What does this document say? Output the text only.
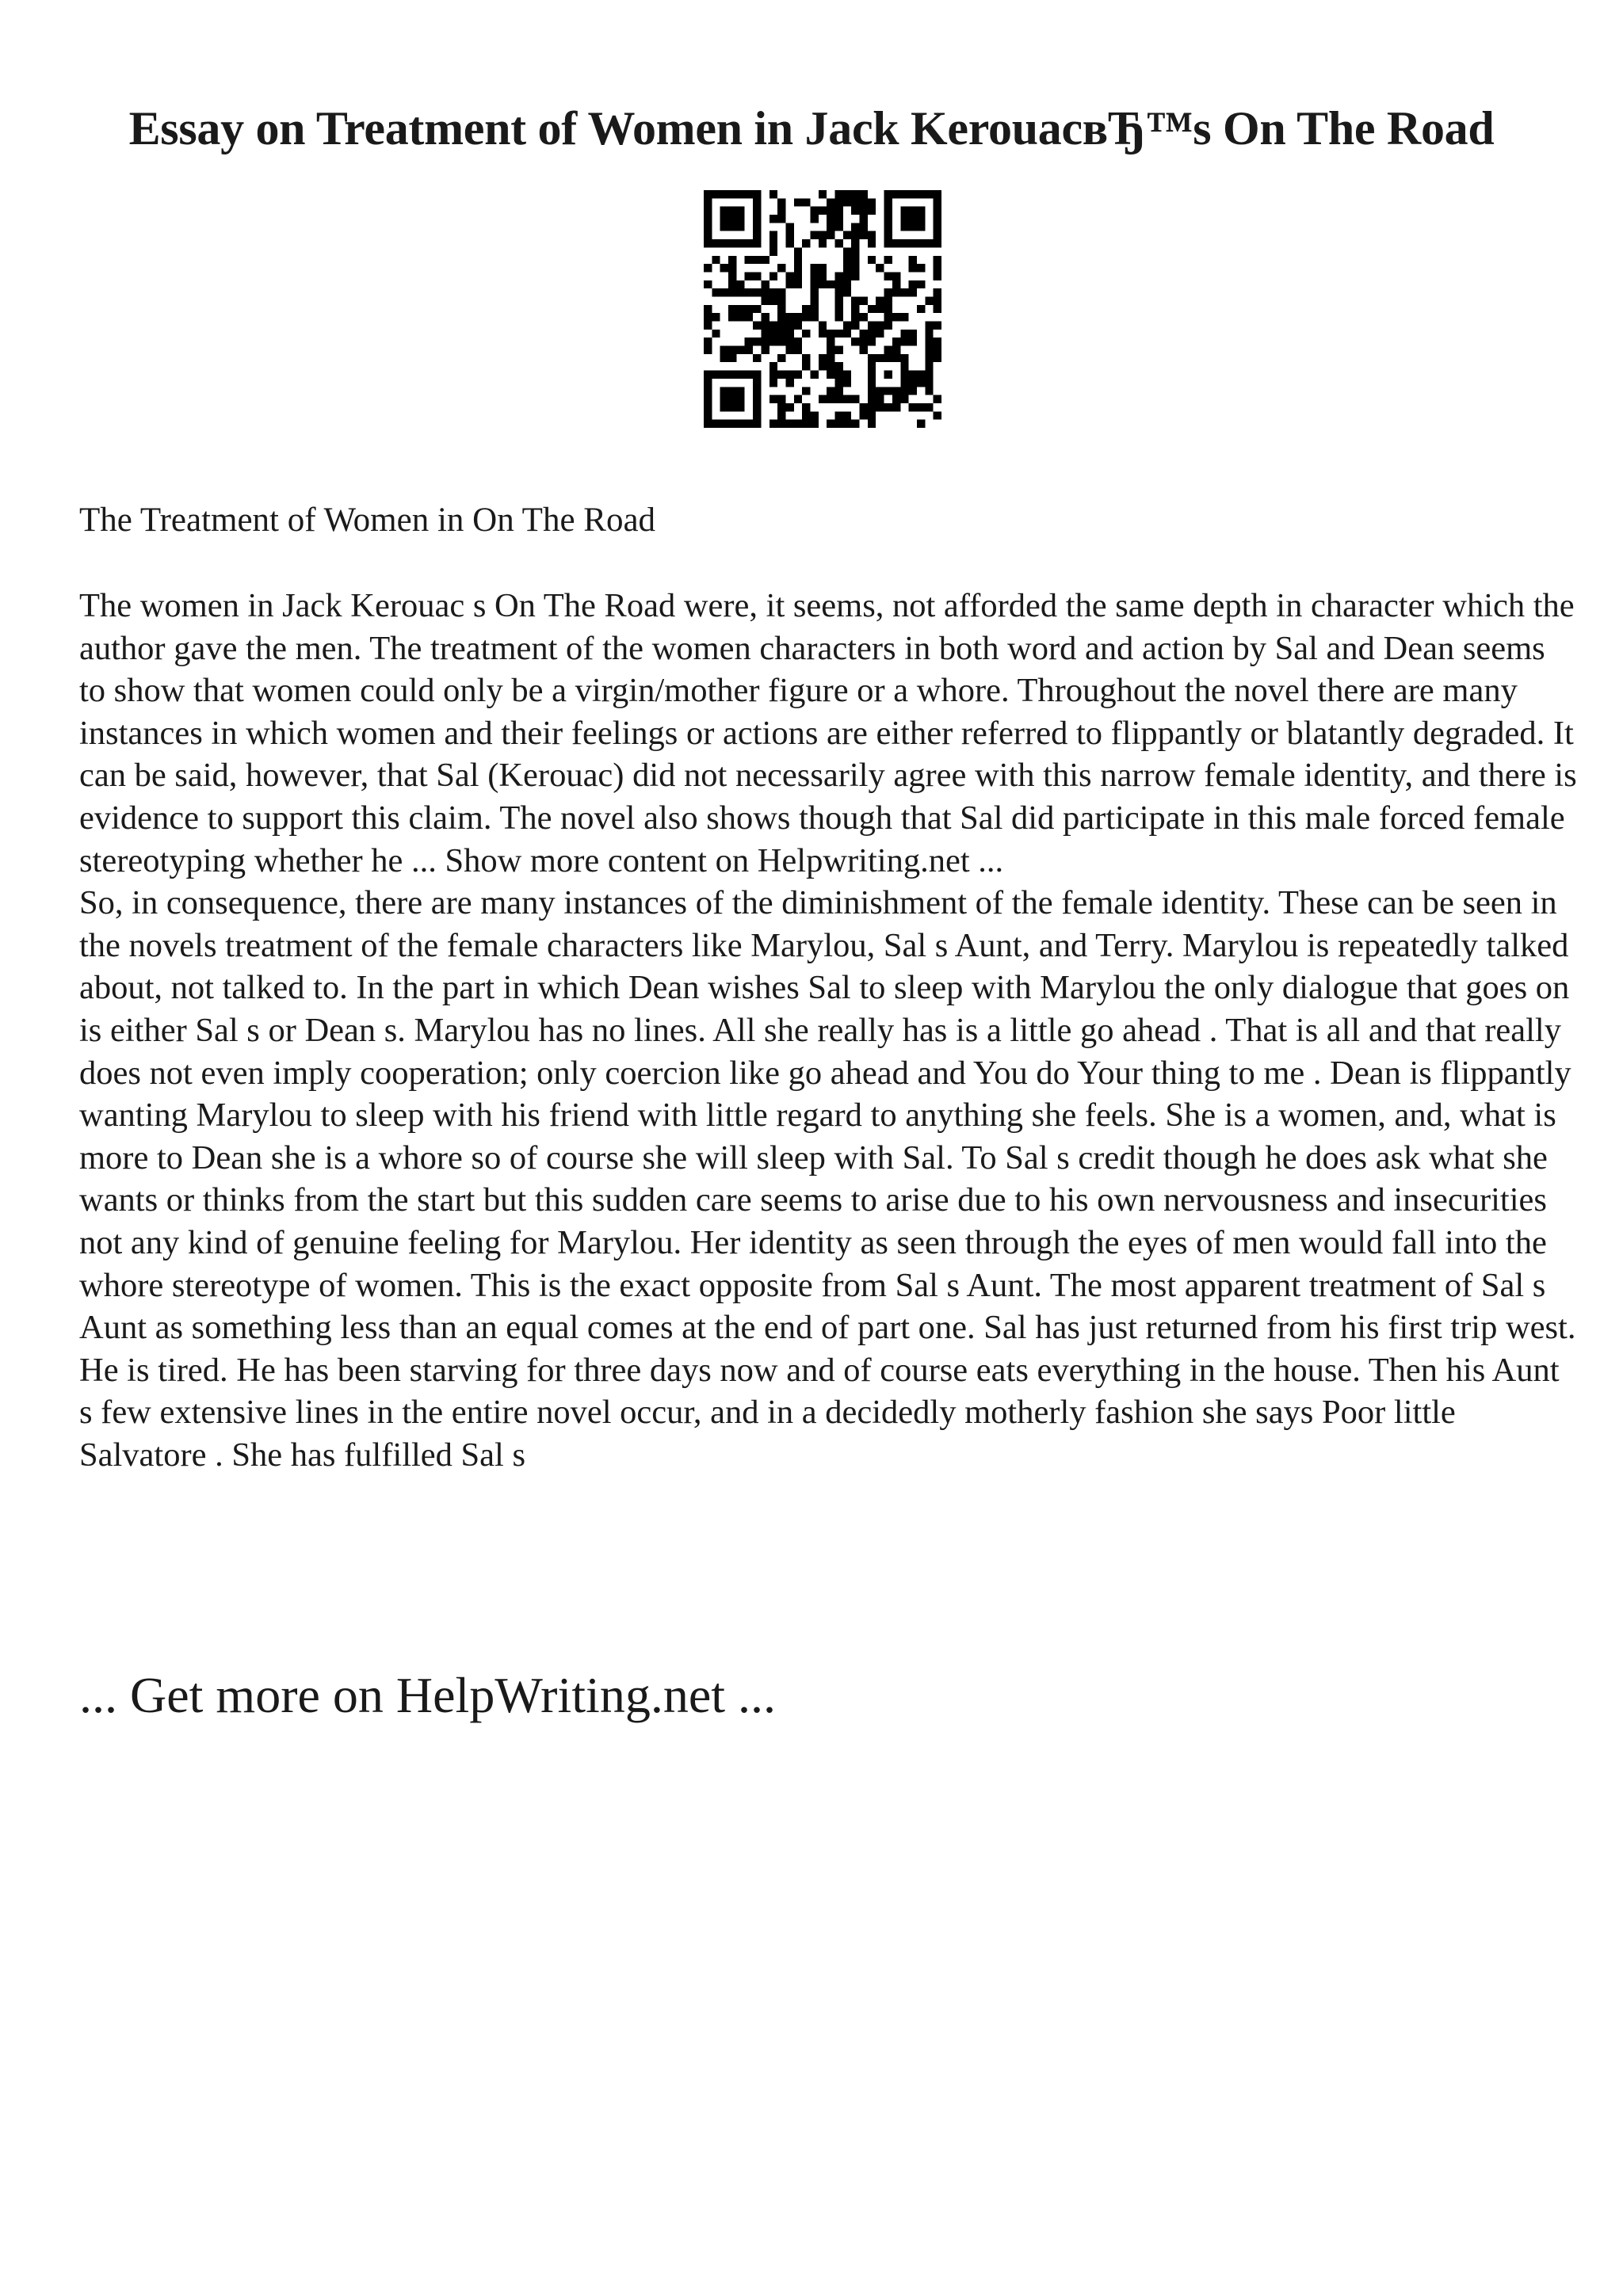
Essay on Treatment of Women in Jack KerouacвЂ™s On The Road
The Treatment of Women in On The Road

The women in Jack Kerouac s On The Road were, it seems, not afforded the same depth in character which the author gave the men. The treatment of the women characters in both word and action by Sal and Dean seems to show that women could only be a virgin/mother figure or a whore. Throughout the novel there are many instances in which women and their feelings or actions are either referred to flippantly or blatantly degraded. It can be said, however, that Sal (Kerouac) did not necessarily agree with this narrow female identity, and there is evidence to support this claim. The novel also shows though that Sal did participate in this male forced female stereotyping whether he ... Show more content on Helpwriting.net ...

So, in consequence, there are many instances of the diminishment of the female identity. These can be seen in the novels treatment of the female characters like Marylou, Sal s Aunt, and Terry. Marylou is repeatedly talked about, not talked to. In the part in which Dean wishes Sal to sleep with Marylou the only dialogue that goes on is either Sal s or Dean s. Marylou has no lines. All she really has is a little go ahead . That is all and that really does not even imply cooperation; only coercion like go ahead and You do Your thing to me . Dean is flippantly wanting Marylou to sleep with his friend with little regard to anything she feels. She is a women, and, what is more to Dean she is a whore so of course she will sleep with Sal. To Sal s credit though he does ask what she wants or thinks from the start but this sudden care seems to arise due to his own nervousness and insecurities not any kind of genuine feeling for Marylou. Her identity as seen through the eyes of men would fall into the whore stereotype of women. This is the exact opposite from Sal s Aunt. The most apparent treatment of Sal s Aunt as something less than an equal comes at the end of part one. Sal has just returned from his first trip west. He is tired. He has been starving for three days now and of course eats everything in the house. Then his Aunt s few extensive lines in the entire novel occur, and in a decidedly motherly fashion she says Poor little Salvatore . She has fulfilled Sal s

... Get more on HelpWriting.net ...
